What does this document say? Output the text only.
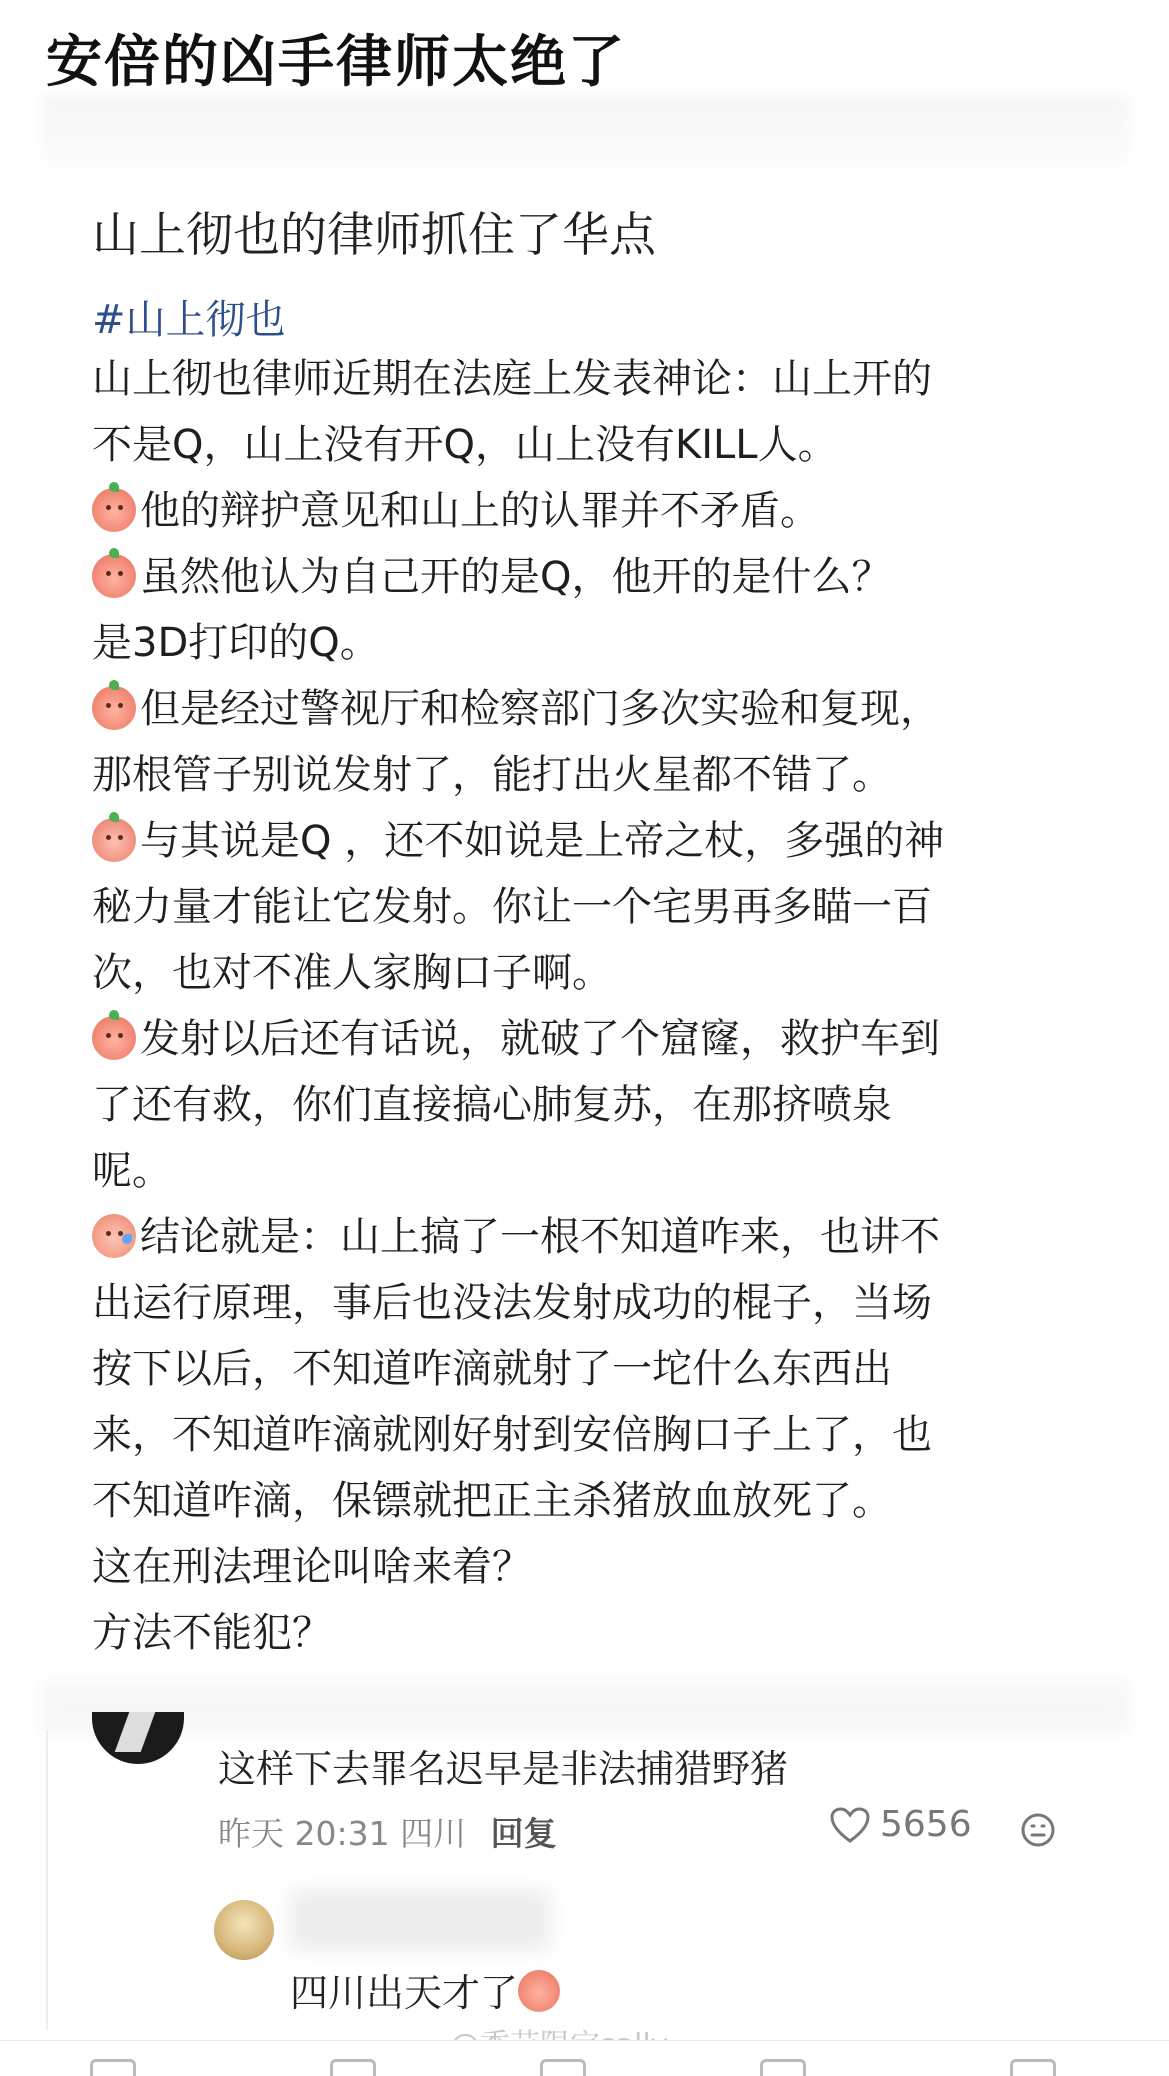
安倍的凶手律师太绝了
山上彻也的律师抓住了华点
#山上彻也
山上彻也律师近期在法庭上发表神论：山上开的
不是Q，山上没有开Q，山上没有KILL人。
他的辩护意见和山上的认罪并不矛盾。
虽然他认为自己开的是Q，他开的是什么？
是3D打印的Q。
但是经过警视厅和检察部门多次实验和复现，
那根管子别说发射了，能打出火星都不错了。
与其说是Q ，还不如说是上帝之杖，多强的神
秘力量才能让它发射。你让一个宅男再多瞄一百
次，也对不准人家胸口子啊。
发射以后还有话说，就破了个窟窿，救护车到
了还有救，你们直接搞心肺复苏，在那挤喷泉
呢。
结论就是：山上搞了一根不知道咋来，也讲不
出运行原理，事后也没法发射成功的棍子，当场
按下以后，不知道咋滴就射了一坨什么东西出
来，不知道咋滴就刚好射到安倍胸口子上了，也
不知道咋滴，保镖就把正主杀猪放血放死了。
这在刑法理论叫啥来着？
方法不能犯？
这样下去罪名迟早是非法捕猎野猪
昨天 20:31 四川 回复	5656
四川出天才了
